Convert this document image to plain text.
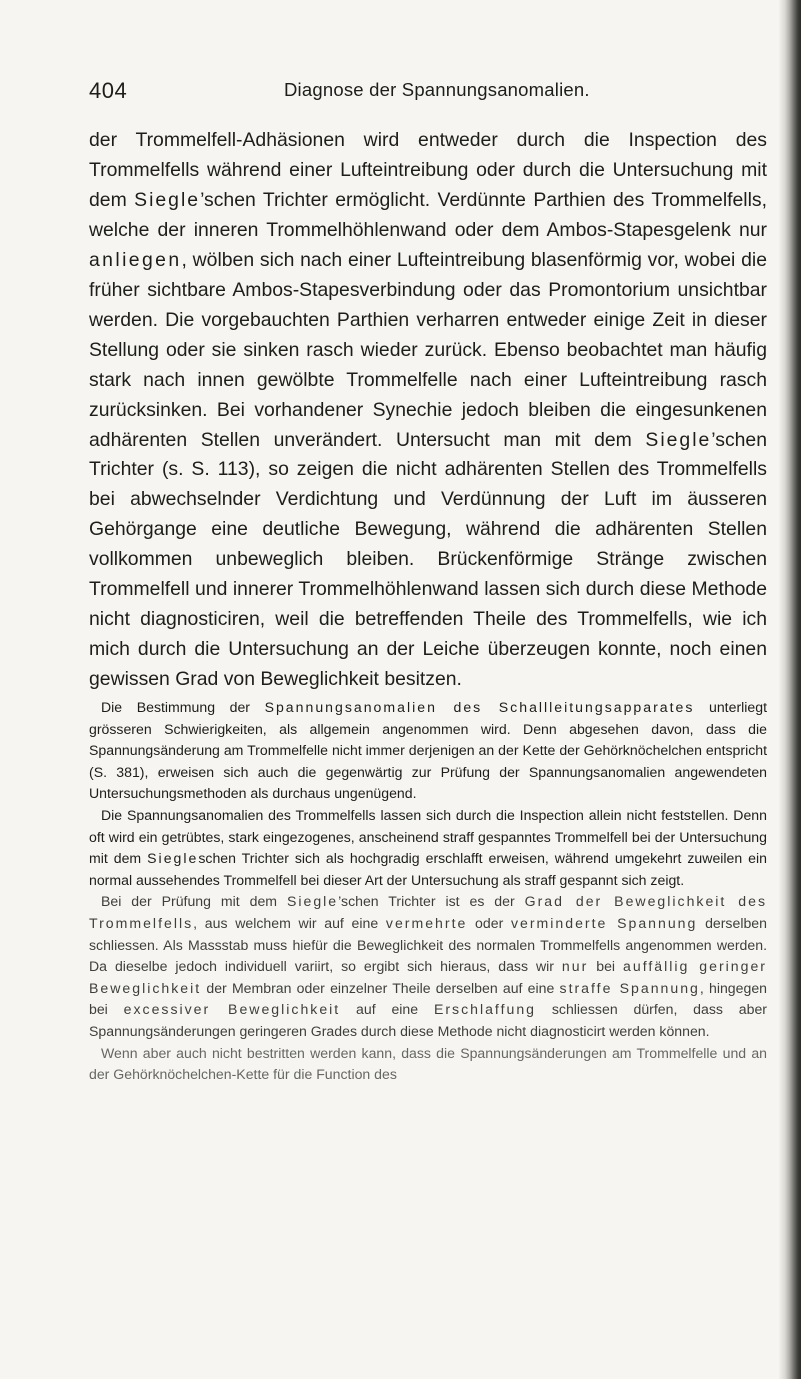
404	Diagnose der Spannungsanomalien.

der Trommelfell-Adhäsionen wird entweder durch die Inspection des Trommelfells während einer Lufteintreibung oder durch die Untersuchung mit dem Siegle’schen Trichter ermöglicht. Verdünnte Parthien des Trommelfells, welche der inneren Trommelhöhlenwand oder dem Ambos-Stapesgelenk nur anliegen, wölben sich nach einer Lufteintreibung blasenförmig vor, wobei die früher sichtbare Ambos-Stapesverbindung oder das Promontorium unsichtbar werden. Die vorgebauchten Parthien verharren entweder einige Zeit in dieser Stellung oder sie sinken rasch wieder zurück. Ebenso beobachtet man häufig stark nach innen gewölbte Trommelfelle nach einer Lufteintreibung rasch zurücksinken. Bei vorhandener Synechie jedoch bleiben die eingesunkenen adhärenten Stellen unverändert. Untersucht man mit dem Siegle’schen Trichter (s. S. 113), so zeigen die nicht adhärenten Stellen des Trommelfells bei abwechselnder Verdichtung und Verdünnung der Luft im äusseren Gehörgange eine deutliche Bewegung, während die adhärenten Stellen vollkommen unbeweglich bleiben. Brückenförmige Stränge zwischen Trommelfell und innerer Trommelhöhlenwand lassen sich durch diese Methode nicht diagnosticiren, weil die betreffenden Theile des Trommelfells, wie ich mich durch die Untersuchung an der Leiche überzeugen konnte, noch einen gewissen Grad von Beweglichkeit besitzen.

Die Bestimmung der Spannungsanomalien des Schallleitungsapparates unterliegt grösseren Schwierigkeiten, als allgemein angenommen wird. Denn abgesehen davon, dass die Spannungsänderung am Trommelfelle nicht immer derjenigen an der Kette der Gehörknöchelchen entspricht (S. 381), erweisen sich auch die gegenwärtig zur Prüfung der Spannungsanomalien angewendeten Untersuchungsmethoden als durchaus ungenügend.

Die Spannungsanomalien des Trommelfells lassen sich durch die Inspection allein nicht feststellen. Denn oft wird ein getrübtes, stark eingezogenes, anscheinend straff gespanntes Trommelfell bei der Untersuchung mit dem Siegleschen Trichter sich als hochgradig erschlafft erweisen, während umgekehrt zuweilen ein normal aussehendes Trommelfell bei dieser Art der Untersuchung als straff gespannt sich zeigt.

Bei der Prüfung mit dem Siegle’schen Trichter ist es der Grad der Beweglichkeit des Trommelfells, aus welchem wir auf eine vermehrte oder verminderte Spannung derselben schliessen. Als Massstab muss hiefür die Beweglichkeit des normalen Trommelfells angenommen werden. Da dieselbe jedoch individuell variirt, so ergibt sich hieraus, dass wir nur bei auffällig geringer Beweglichkeit der Membran oder einzelner Theile derselben auf eine straffe Spannung, hingegen bei excessiver Beweglichkeit auf eine Erschlaffung schliessen dürfen, dass aber Spannungsänderungen geringeren Grades durch diese Methode nicht diagnosticirt werden können.

Wenn aber auch nicht bestritten werden kann, dass die Spannungsänderungen am Trommelfelle und an der Gehörknöchelchen-Kette für die Function des
